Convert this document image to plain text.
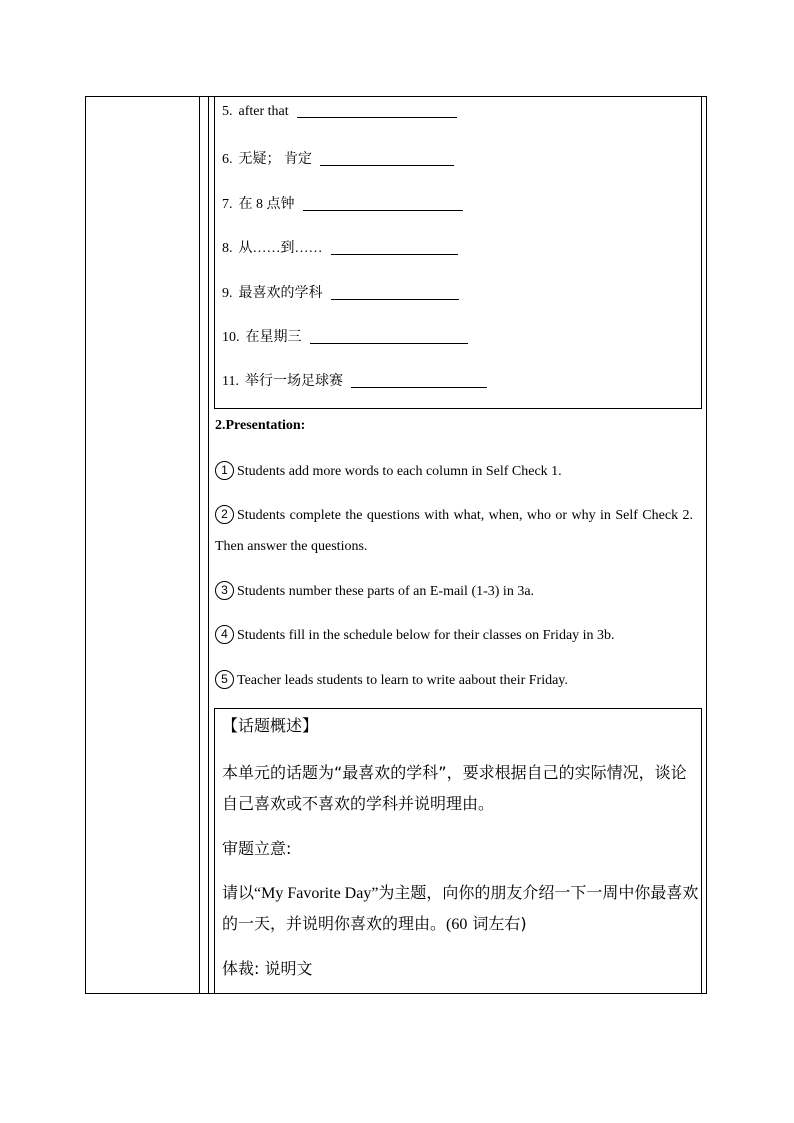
5. after that
6. 无疑； 肯定
7. 在 8 点钟
8. 从……到……
9. 最喜欢的学科
10. 在星期三
11. 举行一场足球赛
2.Presentation:
1 Students add more words to each column in Self Check 1.
2 Students complete the questions with what, when, who or why in Self Check 2. Then answer the questions.
3 Students number these parts of an E-mail (1-3) in 3a.
4 Students fill in the schedule below for their classes on Friday in 3b.
5 Teacher leads students to learn to write aabout their Friday.
【话题概述】
本单元的话题为“最喜欢的学科”，要求根据自己的实际情况，谈论
自己喜欢或不喜欢的学科并说明理由。
审题立意:
请以“My Favorite Day”为主题，向你的朋友介绍一下一周中你最喜欢
的一天，并说明你喜欢的理由。(60 词左右)
体裁: 说明文
